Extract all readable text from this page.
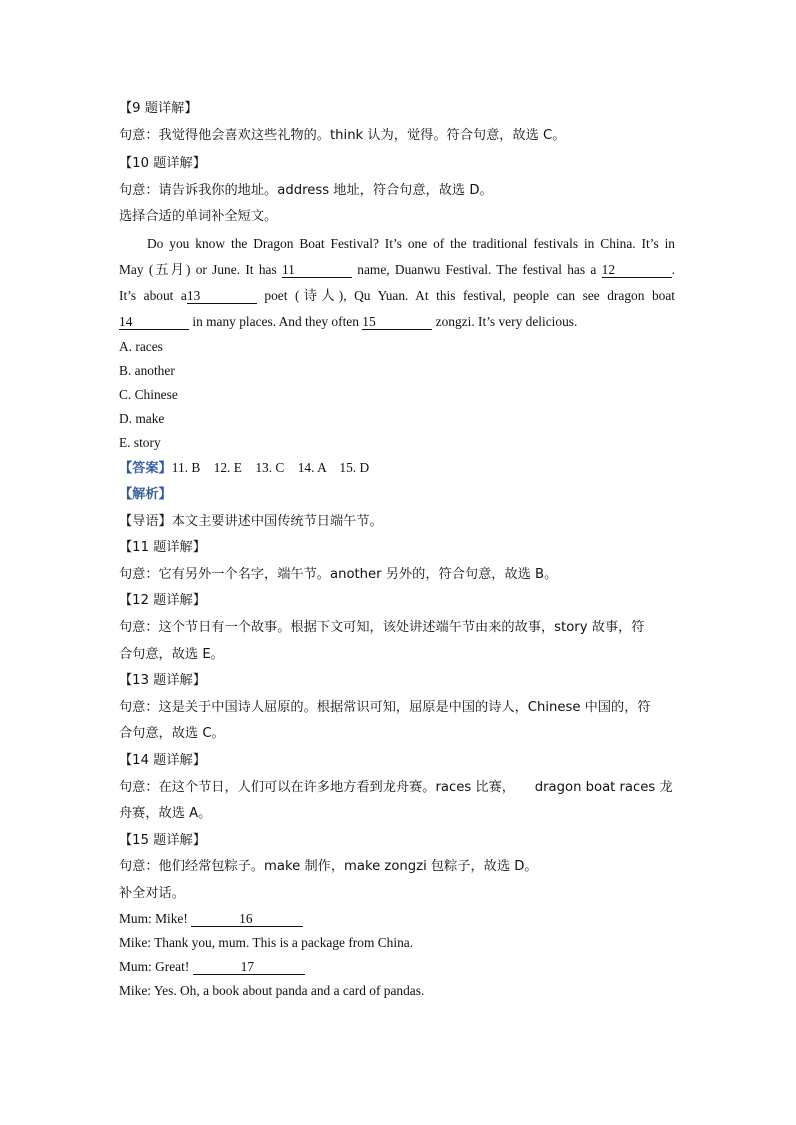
【9 题详解】
句意：我觉得他会喜欢这些礼物的。think 认为，觉得。符合句意，故选 C。
【10 题详解】
句意：请告诉我你的地址。address 地址，符合句意，故选 D。
选择合适的单词补全短文。
Do you know the Dragon Boat Festival? It’s one of the traditional festivals in China. It’s in
May (五月) or June. It has 11	name, Duanwu Festival. The festival has a 12	.
It’s about a13	poet (诗人), Qu Yuan. At this festival, people can see dragon boat
14	in many places. And they often 15	zongzi. It’s very delicious.
A. races
B. another
C. Chinese
D. make
E. story
【答案】11. B    12. E    13. C    14. A    15. D
【解析】
【导语】本文主要讲述中国传统节日端午节。
【11 题详解】
句意：它有另外一个名字，端午节。another 另外的，符合句意，故选 B。
【12 题详解】
句意：这个节日有一个故事。根据下文可知，该处讲述端午节由来的故事，story 故事，符
合句意，故选 E。
【13 题详解】
句意：这是关于中国诗人屈原的。根据常识可知，屈原是中国的诗人，Chinese 中国的，符
合句意，故选 C。
【14 题详解】
句意：在这个节日，人们可以在许多地方看到龙舟赛。races 比赛，　　dragon boat races 龙
舟赛，故选 A。
【15 题详解】
句意：他们经常包粽子。make 制作，make zongzi 包粽子，故选 D。
补全对话。
Mum: Mike!	16
Mike: Thank you, mum. This is a package from China.
Mum: Great!	17
Mike: Yes. Oh, a book about panda and a card of pandas.
